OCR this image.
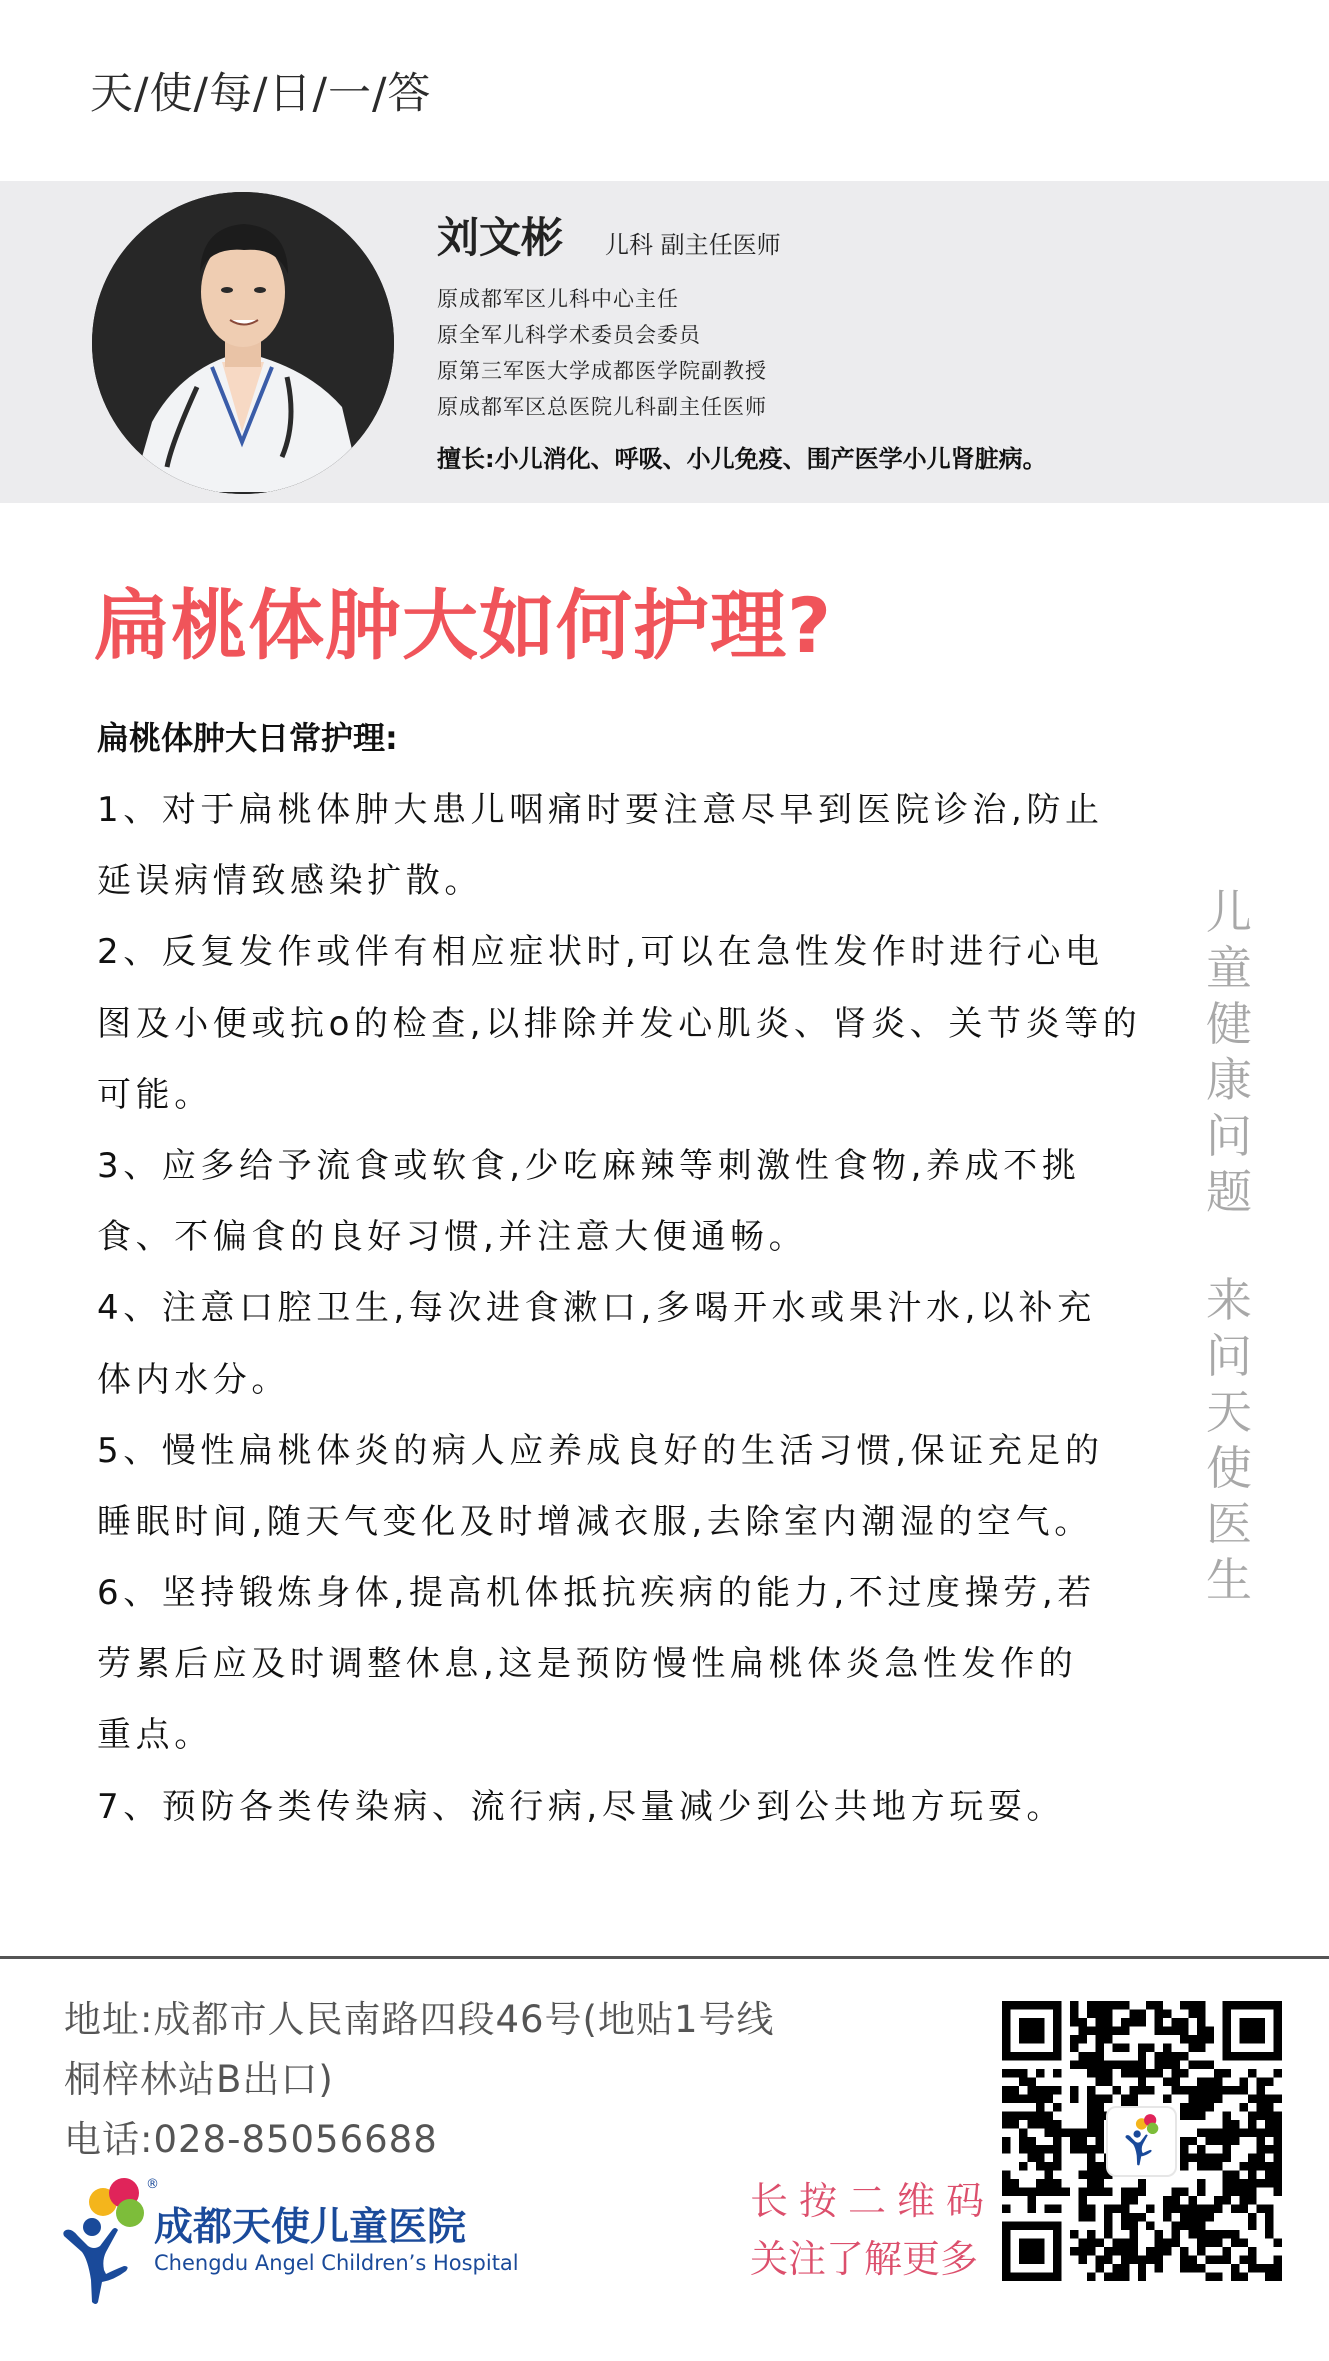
天/使/每/日/一/答
刘文彬 儿科 副主任医师
原成都军区儿科中心主任
原全军儿科学术委员会委员
原第三军医大学成都医学院副教授
原成都军区总医院儿科副主任医师
擅长:小儿消化、呼吸、小儿免疫、围产医学小儿肾脏病。
扁桃体肿大如何护理?
扁桃体肿大日常护理:
1、对于扁桃体肿大患儿咽痛时要注意尽早到医院诊治,防止
延误病情致感染扩散。
2、反复发作或伴有相应症状时,可以在急性发作时进行心电
图及小便或抗o的检查,以排除并发心肌炎、肾炎、关节炎等的
可能。
3、应多给予流食或软食,少吃麻辣等刺激性食物,养成不挑
食、不偏食的良好习惯,并注意大便通畅。
4、注意口腔卫生,每次进食漱口,多喝开水或果汁水,以补充
体内水分。
5、慢性扁桃体炎的病人应养成良好的生活习惯,保证充足的
睡眠时间,随天气变化及时增减衣服,去除室内潮湿的空气。
6、坚持锻炼身体,提高机体抵抗疾病的能力,不过度操劳,若
劳累后应及时调整休息,这是预防慢性扁桃体炎急性发作的
重点。
7、预防各类传染病、流行病,尽量减少到公共地方玩耍。
儿
童
健
康
问
题
来
问
天
使
医
生
地址:成都市人民南路四段46号(地贴1号线
桐梓林站B出口)
电话:028-85056688
®
成都天使儿童医院
Chengdu Angel Children’s Hospital
长按二维码
关注了解更多
